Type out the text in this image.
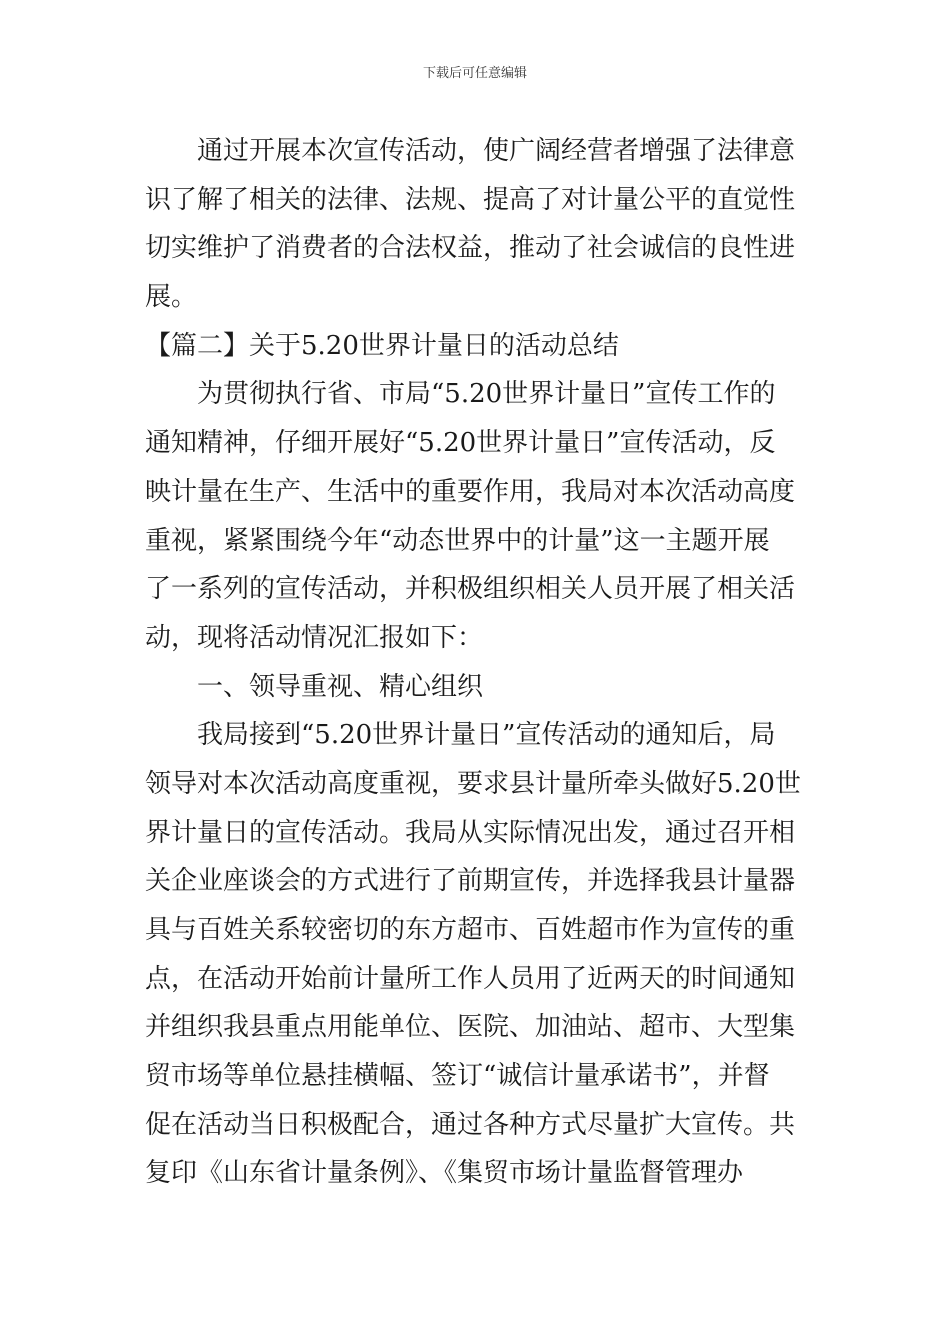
下载后可任意编辑
通过开展本次宣传活动，使广阔经营者增强了法律意
识了解了相关的法律、法规、提高了对计量公平的直觉性
切实维护了消费者的合法权益，推动了社会诚信的良性进
展。
【篇二】关于5.20世界计量日的活动总结
为贯彻执行省、市局“5.20世界计量日”宣传工作的
通知精神，仔细开展好“5.20世界计量日”宣传活动，反
映计量在生产、生活中的重要作用，我局对本次活动高度
重视，紧紧围绕今年“动态世界中的计量”这一主题开展
了一系列的宣传活动，并积极组织相关人员开展了相关活
动，现将活动情况汇报如下：
一、领导重视、精心组织
我局接到“5.20世界计量日”宣传活动的通知后，局
领导对本次活动高度重视，要求县计量所牵头做好5.20世
界计量日的宣传活动。我局从实际情况出发，通过召开相
关企业座谈会的方式进行了前期宣传，并选择我县计量器
具与百姓关系较密切的东方超市、百姓超市作为宣传的重
点，在活动开始前计量所工作人员用了近两天的时间通知
并组织我县重点用能单位、医院、加油站、超市、大型集
贸市场等单位悬挂横幅、签订“诚信计量承诺书”，并督
促在活动当日积极配合，通过各种方式尽量扩大宣传。共
复印《山东省计量条例》、《集贸市场计量监督管理办
